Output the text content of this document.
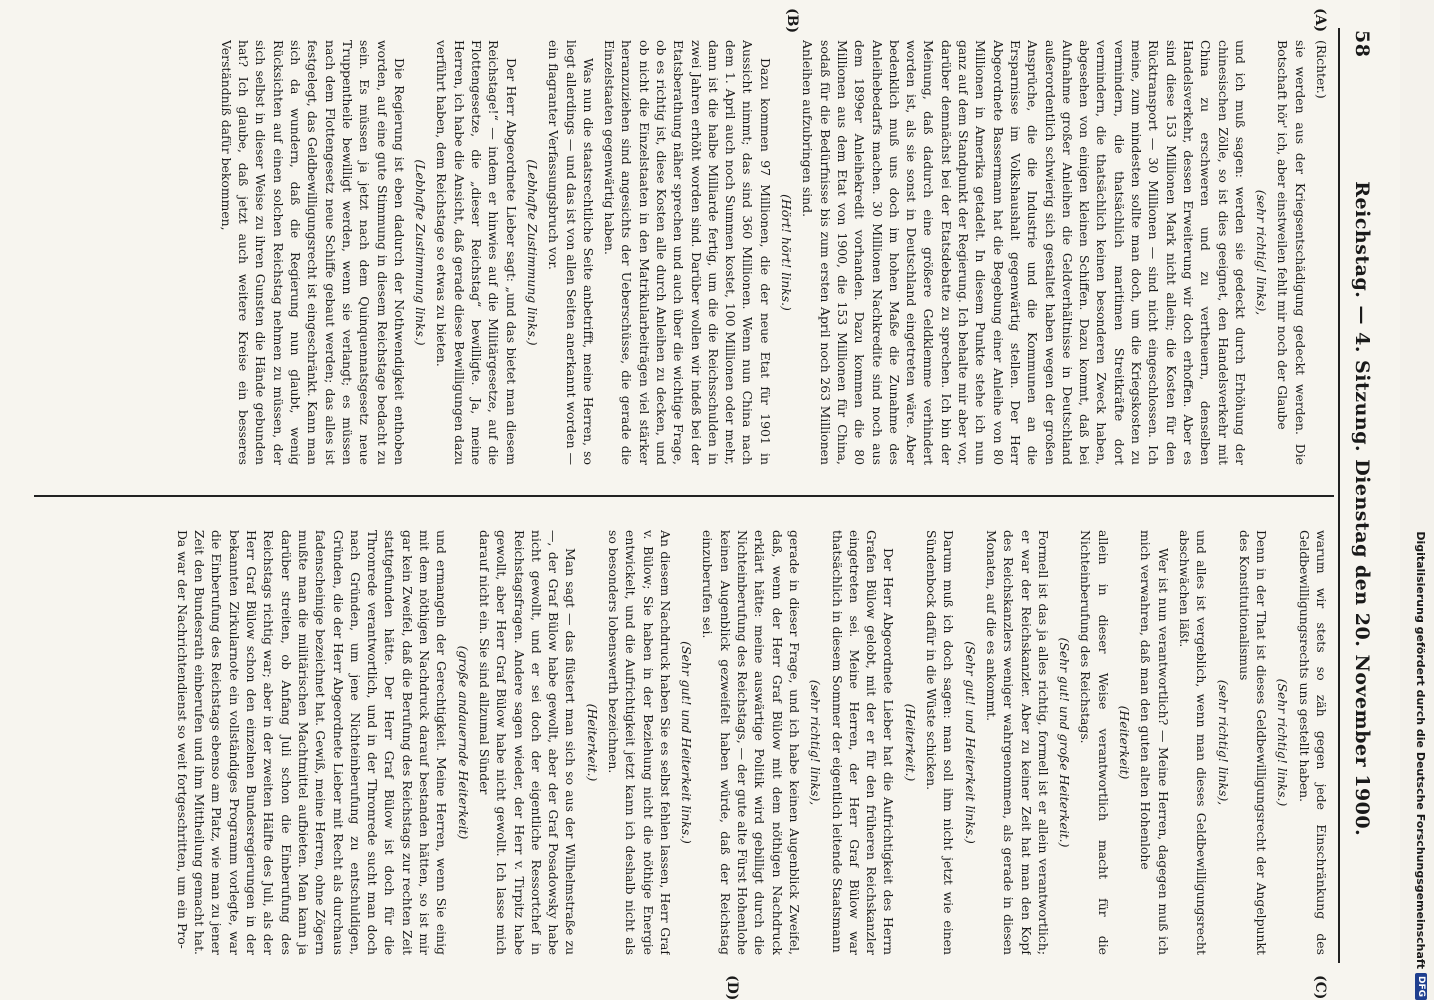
58
Reichstag. — 4. Sitzung. Dienstag den 20. November 1900.
(A)
(B)
(C)
(D)

(Richter.)

sie werden aus der Kriegsentschädigung gedeckt werden. Die Botschaft hör' ich, aber einstweilen fehlt mir noch der Glaube

(sehr richtig! links),

und ich muß sagen: werden sie gedeckt durch Erhöhung der chinesischen Zölle, so ist dies geeignet, den Handelsverkehr mit China zu erschweren und zu vertheuern, denselben Handelsverkehr, dessen Erweiterung wir doch erhoffen. Aber es sind diese 153 Millionen Mark nicht allein; die Kosten für den Rücktransport — 30 Millionen — sind nicht eingeschlossen. Ich meine, zum mindesten sollte man doch, um die Kriegskosten zu vermindern, die thatsächlich maritimen Streitkräfte dort vermindern, die thatsächlich keinen besonderen Zweck haben, abgesehen von einigen kleinen Schiffen. Dazu kommt, daß bei Aufnahme großer Anleihen die Geldverhältnisse in Deutschland außerordentlich schwierig sich gestaltet haben wegen der großen Ansprüche, die die Industrie und die Kommunen an die Ersparnisse im Volkshaushalt gegenwärtig stellen. Der Herr Abgeordnete Bassermann hat die Begebung einer Anleihe von 80 Millionen in Amerika getadelt. In diesem Punkte stehe ich nun ganz auf dem Standpunkt der Regierung. Ich behalte mir aber vor, darüber demnächst bei der Etatsdebatte zu sprechen. Ich bin der Meinung, daß dadurch eine größere Geldklemme verhindert worden ist, als sie sonst in Deutschland eingetreten wäre. Aber bedenklich muß uns doch im hohen Maße die Zunahme des Anleihebedarfs machen. 30 Millionen Nachkredite sind noch aus dem 1899er Anleihekredit vorhanden. Dazu kommen die 80 Millionen aus dem Etat von 1900, die 153 Millionen für China, sodaß für die Bedürfnisse bis zum ersten April noch 263 Millionen Anleihen aufzubringen sind.

(Hört! hört! links.)

Dazu kommen 97 Millionen, die der neue Etat für 1901 in Aussicht nimmt; das sind 360 Millionen. Wenn nun China nach dem 1. April auch noch Summen kostet, 100 Millionen oder mehr, dann ist die halbe Milliarde fertig, um die die Reichsschulden in zwei Jahren erhöht worden sind. Darüber wollen wir indeß bei der Etatsberathung näher sprechen und auch über die wichtige Frage, ob es richtig ist, diese Kosten alle durch Anleihen zu decken, und ob nicht die Einzelstaaten in den Matrikularbeiträgen viel stärker heranzuziehen sind angesichts der Ueberschüsse, die gerade die Einzelstaaten gegenwärtig haben.

Was nun die staatsrechtliche Seite anbetrifft, meine Herren, so liegt allerdings — und das ist von allen Seiten anerkannt worden — ein flagranter Verfassungsbruch vor.

(Lebhafte Zustimmung links.)

Der Herr Abgeordnete Lieber sagt: „und das bietet man diesem Reichstage!“ — indem er hinwies auf die Militärgesetze, auf die Flottengesetze, die „dieser Reichstag“ bewilligte. Ja, meine Herren, ich habe die Ansicht, daß gerade diese Bewilligungen dazu verführt haben, dem Reichstage so etwas zu bieten.

(Lebhafte Zustimmung links.)

Die Regierung ist eben dadurch der Nothwendigkeit enthoben worden, auf eine gute Stimmung in diesem Reichstage bedacht zu sein. Es müssen ja jetzt nach dem Quinquennatsgesetz neue Truppentheile bewilligt werden, wenn sie verlangt; es müssen nach dem Flottengesetz neue Schiffe gebaut werden; das alles ist festgelegt, das Geldbewilligungsrecht ist eingeschränkt. Kann man sich da wundern, daß die Regierung nun glaubt, wenig Rücksichten auf einen solchen Reichstag nehmen zu müssen, der sich selbst in dieser Weise zu ihren Gunsten die Hände gebunden hat? Ich glaube, daß jetzt auch weitere Kreise ein besseres Verständniß dafür bekommen,

warum wir stets so zäh gegen jede Einschränkung des Geldbewilligungsrechts uns gestellt haben.

(Sehr richtig! links.)

Denn in der That ist dieses Geldbewilligungsrecht der Angelpunkt des Konstitutionalismus

(sehr richtig! links),

und alles ist vergeblich, wenn man dieses Geldbewilligungsrecht abschwächen läßt.

Wer ist nun verantwortlich? — Meine Herren, dagegen muß ich mich verwahren, daß man den guten alten Hohenlohe

(Heiterkeit)

allein in dieser Weise verantwortlich macht für die Nichteinberufung des Reichstags.

(Sehr gut! und große Heiterkeit.)

Formell ist das ja alles richtig, formell ist er allein verantwortlich; er war der Reichskanzler. Aber zu keiner Zeit hat man den Kopf des Reichskanzlers weniger wahrgenommen, als gerade in diesen Monaten, auf die es ankommt.

(Sehr gut! und Heiterkeit links.)

Darum muß ich doch sagen: man soll ihm nicht jetzt wie einen Sündenbock dafür in die Wüste schicken.

(Heiterkeit.)

Der Herr Abgeordnete Lieber hat die Aufrichtigkeit des Herrn Grafen Bülow gelobt, mit der er für den früheren Reichskanzler eingetreten sei. Meine Herren, der Herr Graf Bülow war thatsächlich in diesem Sommer der eigentlich leitende Staatsmann

(sehr richtig! links),

gerade in dieser Frage, und ich habe keinen Augenblick Zweifel, daß, wenn der Herr Graf Bülow mit dem nöthigen Nachdruck erklärt hätte: meine auswärtige Politik wird gebilligt durch die Nichteinberufung des Reichstags, — der gute alte Fürst Hohenlohe keinen Augenblick gezweifelt haben würde, daß der Reichstag einzuberufen sei.

(Sehr gut! und Heiterkeit links.)

An diesem Nachdruck haben Sie es selbst fehlen lassen, Herr Graf v. Bülow; Sie haben in der Beziehung nicht die nöthige Energie entwickelt, und die Aufrichtigkeit jetzt kann ich deshalb nicht als so besonders lobenswerth bezeichnen.

(Heiterkeit.)

Man sagt — das flüstert man sich so aus der Wilhelmstraße zu —, der Graf Bülow habe gewollt, aber der Graf Posadowsky habe nicht gewollt, und er sei doch der eigentliche Ressortchef in Reichstagsfragen. Andere sagen wieder, der Herr v. Tirpitz habe gewollt, aber Herr Graf Bülow habe nicht gewollt. Ich lasse mich darauf nicht ein. Sie sind allzumal Sünder

(große andauernde Heiterkeit)

und ermangeln der Gerechtigkeit. Meine Herren, wenn Sie einig mit dem nöthigen Nachdruck darauf bestanden hätten, so ist mir gar kein Zweifel, daß die Berufung des Reichstags zur rechten Zeit stattgefunden hätte. Der Herr Graf Bülow ist doch für die Thronrede verantwortlich, und in der Thronrede sucht man doch nach Gründen, um jene Nichteinberufung zu entschuldigen, Gründen, die der Herr Abgeordnete Lieber mit Recht als durchaus fadenscheinige bezeichnet hat. Gewiß, meine Herren, ohne Zögern mußte man die militärischen Machtmittel aufbieten. Man kann ja darüber streiten, ob Anfang Juli schon die Einberufung des Reichstags richtig war; aber in der zweiten Hälfte des Juli, als der Herr Graf Bülow schon den einzelnen Bundesregierungen in der bekannten Zirkularnote ein vollständiges Programm vorlegte, war die Einberufung des Reichstags ebenso am Platz, wie man zu jener Zeit den Bundesrath einberufen und ihm Mittheilung gemacht hat. Da war der Nachrichtendienst so weit fortgeschritten, um ein Pro-	Digitalisierung gefördert durch die Deutsche Forschungsgemeinschaft
DFG
